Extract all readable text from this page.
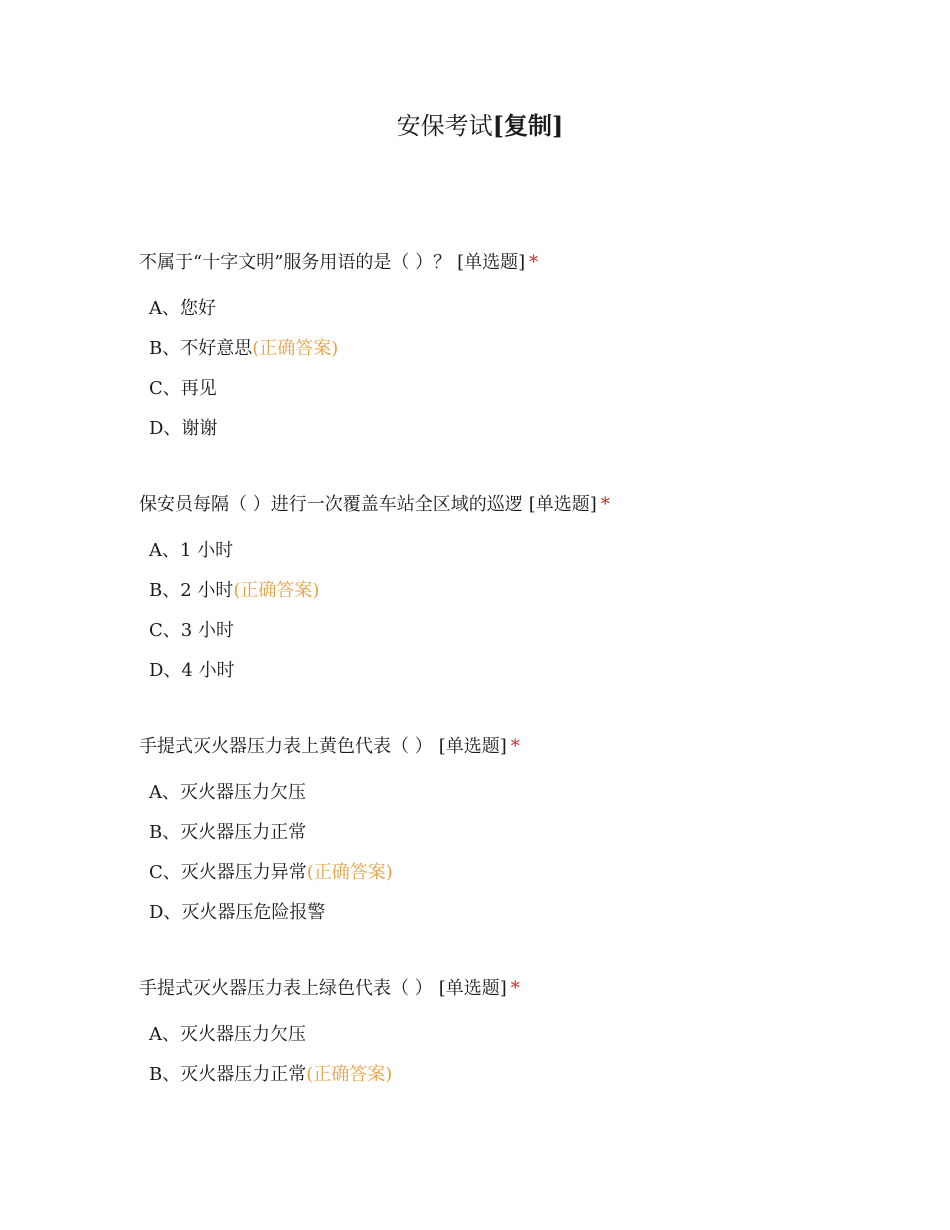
安保考试[复制]
不属于“十字文明”服务用语的是（ ）？ [单选题] *
A、您好
B、不好意思(正确答案)
C、再见
D、谢谢
保安员每隔（ ）进行一次覆盖车站全区域的巡逻 [单选题] *
A、1 小时
B、2 小时(正确答案)
C、3 小时
D、4 小时
手提式灭火器压力表上黄色代表（ ） [单选题] *
A、灭火器压力欠压
B、灭火器压力正常
C、灭火器压力异常(正确答案)
D、灭火器压危险报警
手提式灭火器压力表上绿色代表（ ） [单选题] *
A、灭火器压力欠压
B、灭火器压力正常(正确答案)
